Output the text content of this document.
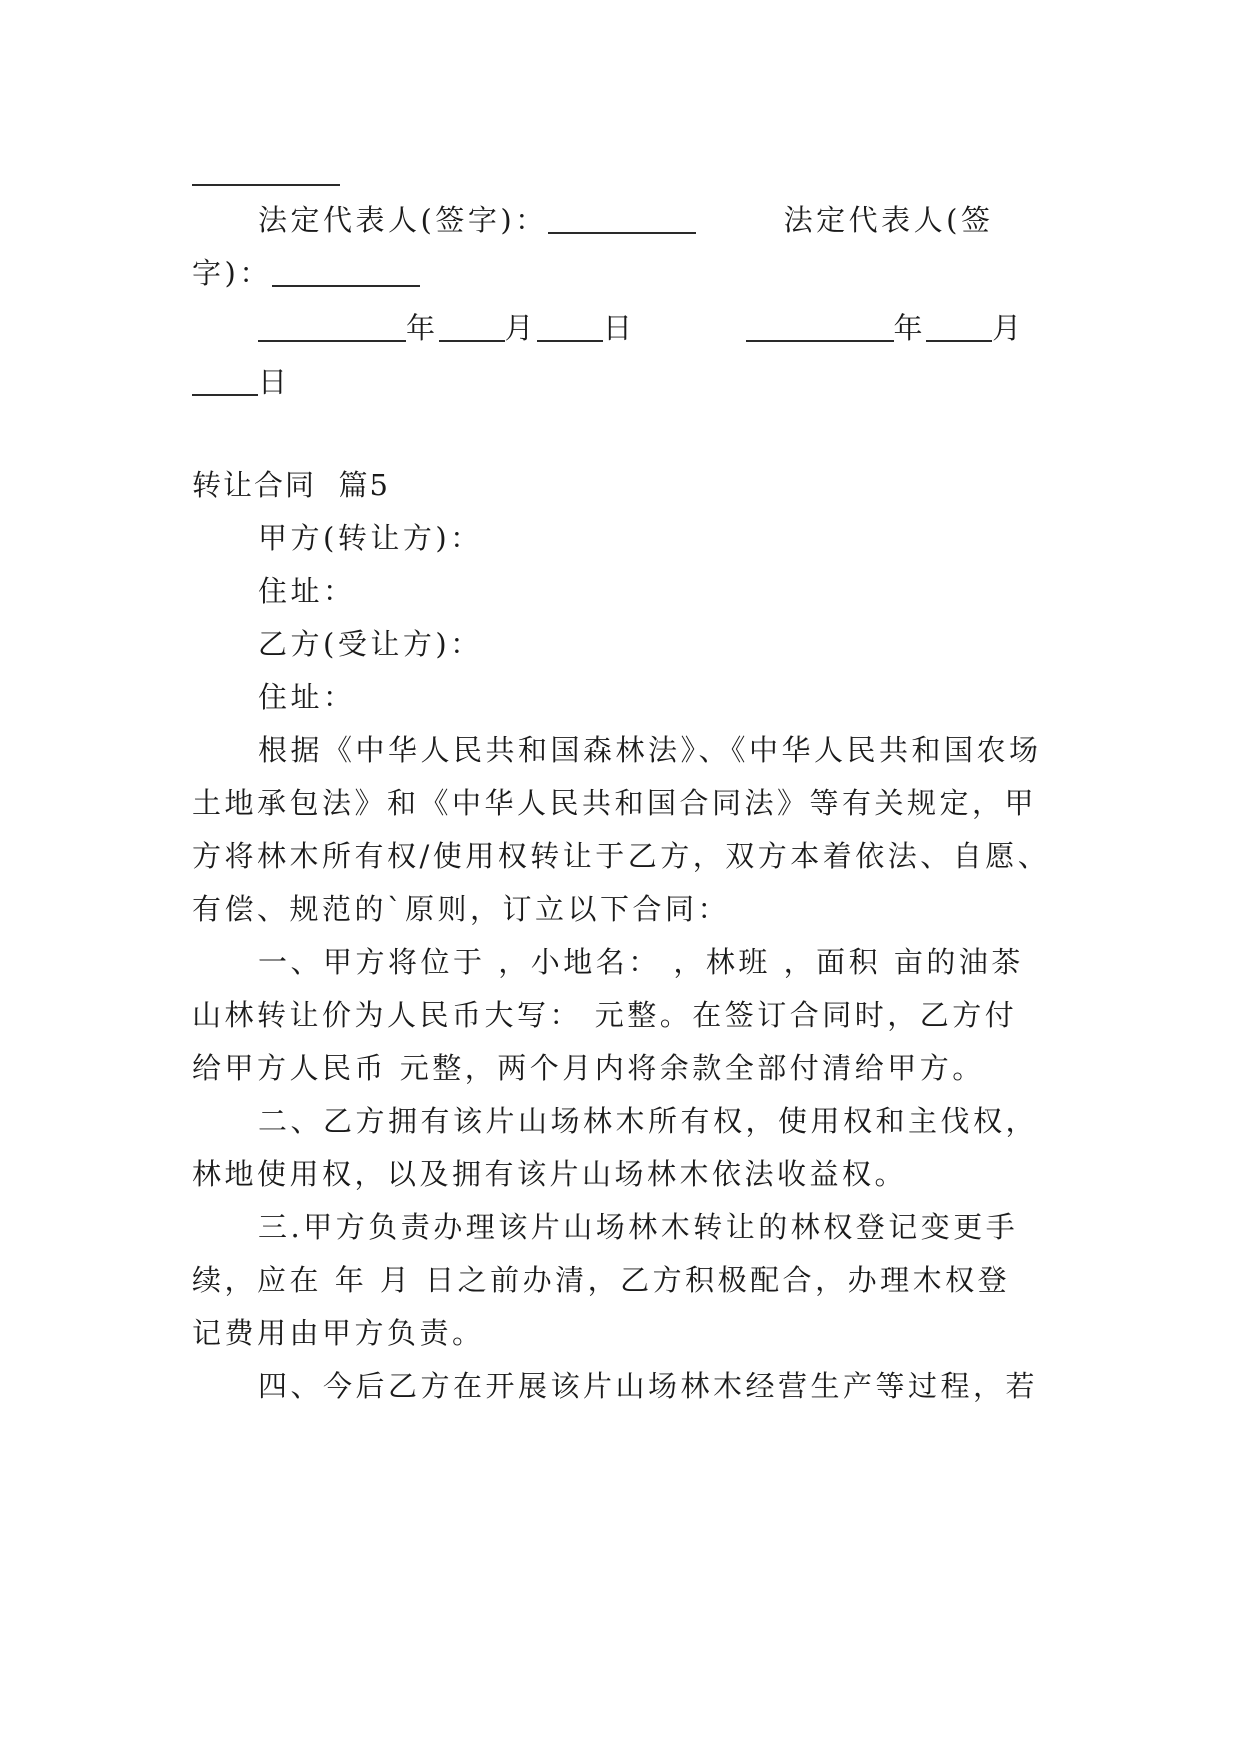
法定代表人(签字)：	法定代表人(签
字)：
年 月 日	年 月
日
转让合同 篇5
甲方(转让方)：
住址：
乙方(受让方)：
住址：
根据《中华人民共和国森林法》、《中华人民共和国农场
土地承包法》和《中华人民共和国合同法》等有关规定，甲
方将林木所有权/使用权转让于乙方，双方本着依法、自愿、
有偿、规范的`原则，订立以下合同：
一、甲方将位于 ，小地名： ，林班 ，面积 亩的油茶
山林转让价为人民币大写： 元整。在签订合同时，乙方付
给甲方人民币 元整，两个月内将余款全部付清给甲方。
二、乙方拥有该片山场林木所有权，使用权和主伐权，
林地使用权，以及拥有该片山场林木依法收益权。
三.甲方负责办理该片山场林木转让的林权登记变更手
续，应在 年 月 日之前办清，乙方积极配合，办理木权登
记费用由甲方负责。
四、今后乙方在开展该片山场林木经营生产等过程，若
